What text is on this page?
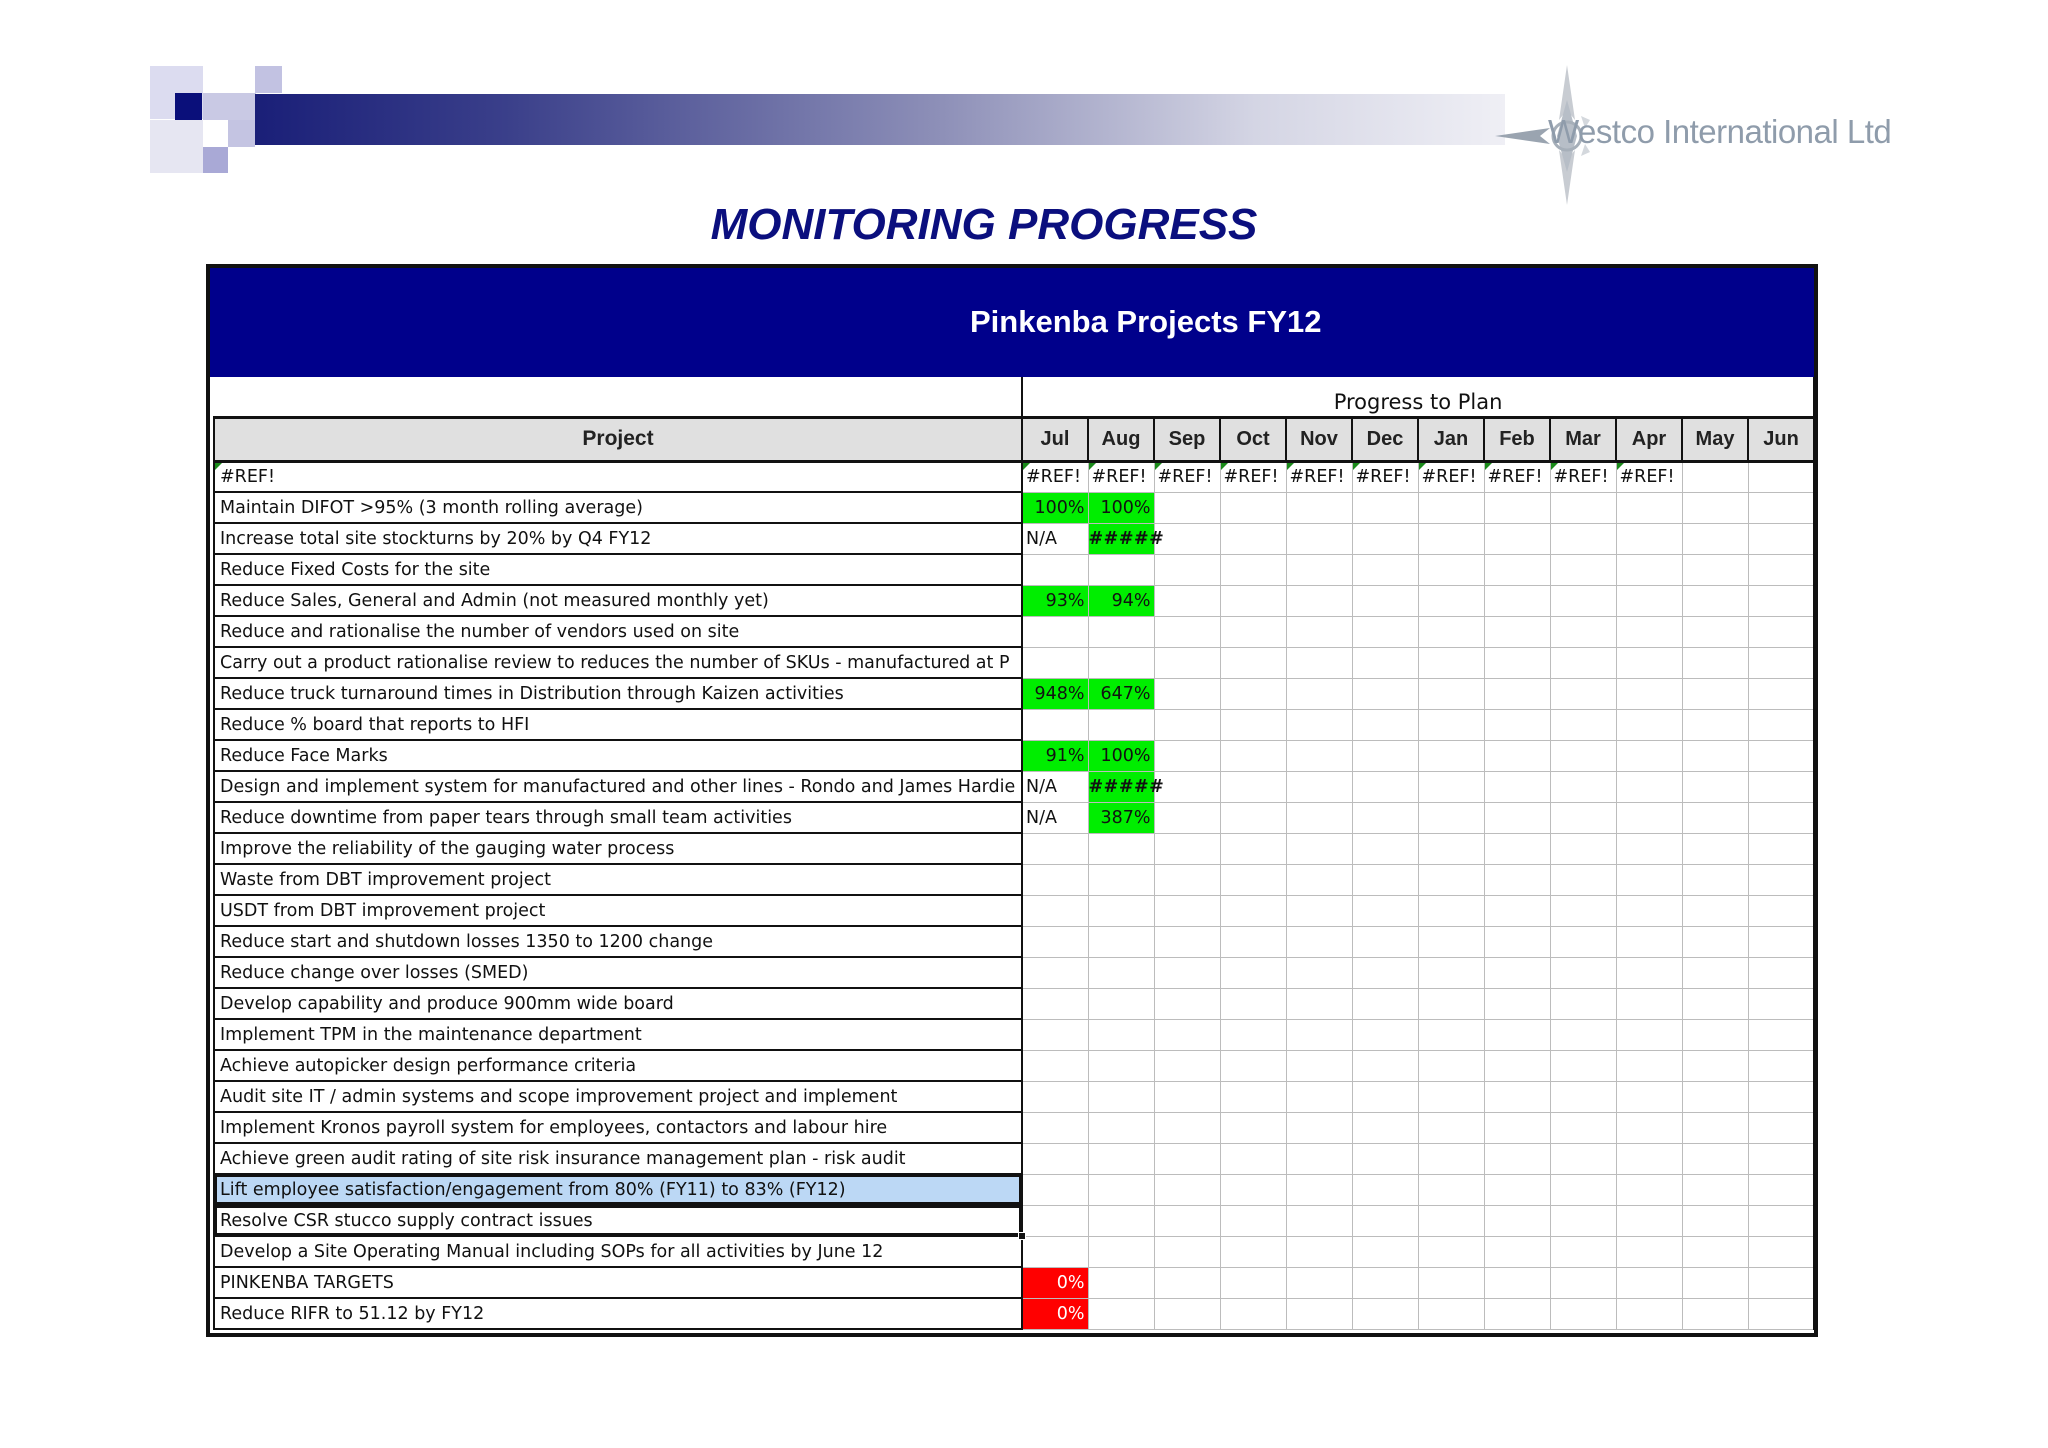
Westco International Ltd
MONITORING PROGRESS
Pinkenba Projects FY12
	Progress to Plan											
Project	Jul	Aug	Sep	Oct	Nov	Dec	Jan	Feb	Mar	Apr	May	Jun
#REF!	#REF!	#REF!	#REF!	#REF!	#REF!	#REF!	#REF!	#REF!	#REF!	#REF!		
Maintain DIFOT >95% (3 month rolling average)	100%	100%										
Increase total site stockturns by 20% by Q4 FY12	N/A	#####										
Reduce Fixed Costs for the site												
Reduce Sales, General and Admin (not measured monthly yet)	93%	94%										
Reduce and rationalise the number of vendors used on site												
Carry out a product rationalise review to reduces the number of SKUs - manufactured at P												
Reduce truck turnaround times in Distribution through Kaizen activities	948%	647%										
Reduce % board that reports to HFI												
Reduce Face Marks	91%	100%										
Design and implement system for manufactured and other lines - Rondo and James Hardie	N/A	#####										
Reduce downtime from paper tears through small team activities	N/A	387%										
Improve the reliability of the gauging water process												
Waste from DBT improvement project												
USDT from DBT improvement project												
Reduce start and shutdown losses 1350 to 1200 change												
Reduce change over losses (SMED)												
Develop capability and produce 900mm wide board												
Implement TPM in the maintenance department												
Achieve autopicker design performance criteria												
Audit site IT / admin systems and scope improvement project and implement												
Implement Kronos payroll system for employees, contactors and labour hire												
Achieve green audit rating of site risk insurance management plan - risk audit												
Lift employee satisfaction/engagement from 80% (FY11) to 83% (FY12)												
Resolve CSR stucco supply contract issues

Develop a Site Operating Manual including SOPs for all activities by June 12												
PINKENBA TARGETS	0%											
Reduce RIFR to 51.12 by FY12	0%											
